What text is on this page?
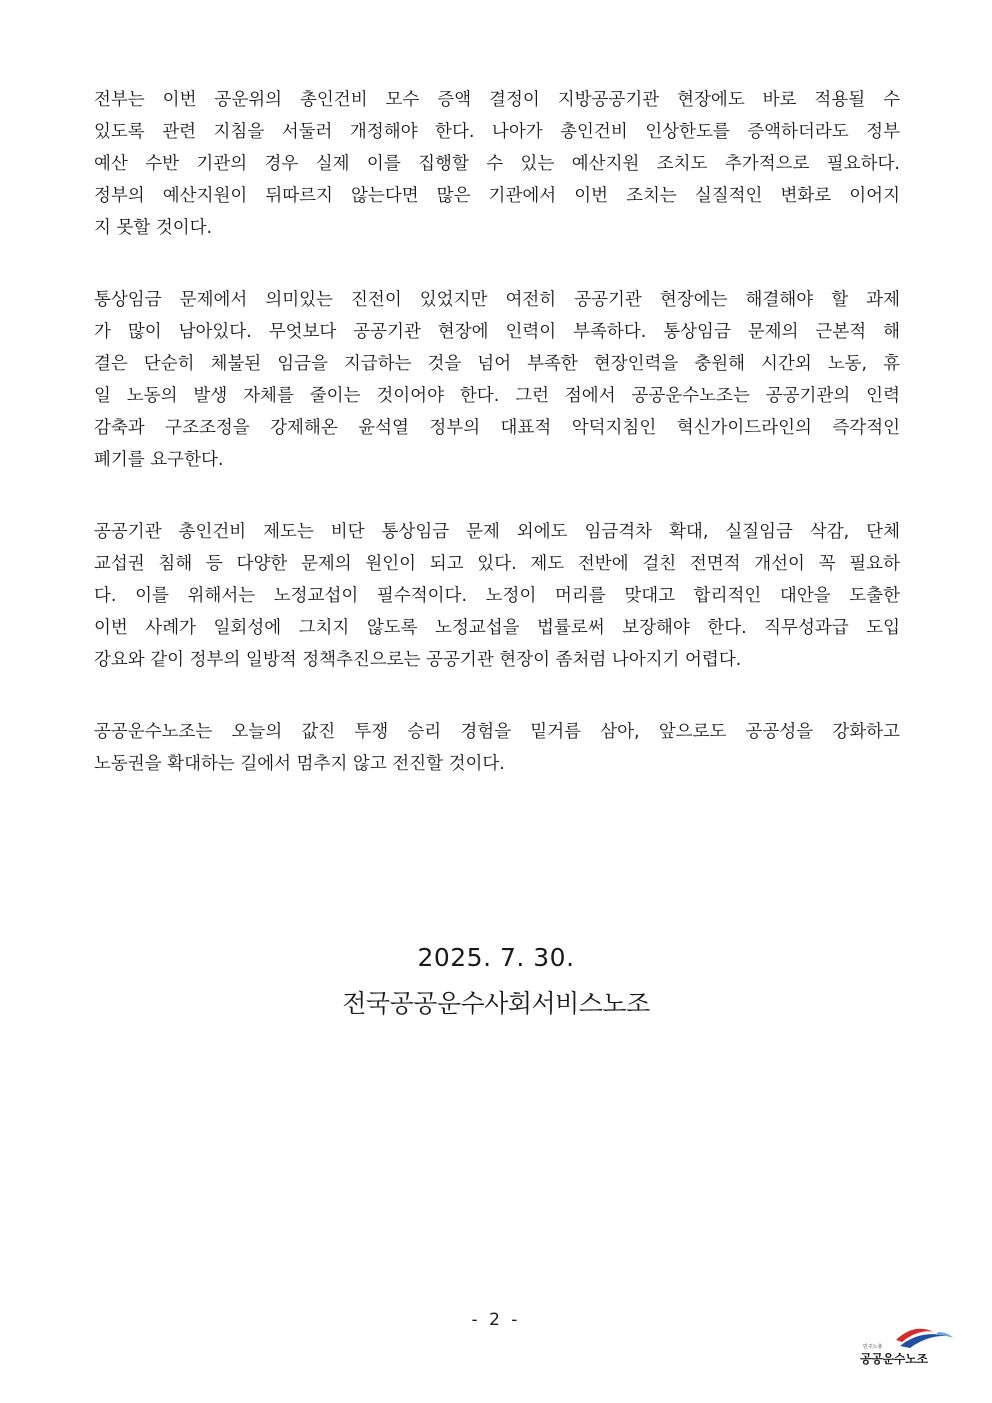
전부는 이번 공운위의 총인건비 모수 증액 결정이 지방공공기관 현장에도 바로 적용될 수
있도록 관련 지침을 서둘러 개정해야 한다. 나아가 총인건비 인상한도를 증액하더라도 정부
예산 수반 기관의 경우 실제 이를 집행할 수 있는 예산지원 조치도 추가적으로 필요하다.
정부의 예산지원이 뒤따르지 않는다면 많은 기관에서 이번 조치는 실질적인 변화로 이어지
지 못할 것이다.
통상임금 문제에서 의미있는 진전이 있었지만 여전히 공공기관 현장에는 해결해야 할 과제
가 많이 남아있다. 무엇보다 공공기관 현장에 인력이 부족하다. 통상임금 문제의 근본적 해
결은 단순히 체불된 임금을 지급하는 것을 넘어 부족한 현장인력을 충원해 시간외 노동, 휴
일 노동의 발생 자체를 줄이는 것이어야 한다. 그런 점에서 공공운수노조는 공공기관의 인력
감축과 구조조정을 강제해온 윤석열 정부의 대표적 악덕지침인 혁신가이드라인의 즉각적인
폐기를 요구한다.
공공기관 총인건비 제도는 비단 통상임금 문제 외에도 임금격차 확대, 실질임금 삭감, 단체
교섭권 침해 등 다양한 문제의 원인이 되고 있다. 제도 전반에 걸친 전면적 개선이 꼭 필요하
다. 이를 위해서는 노정교섭이 필수적이다. 노정이 머리를 맞대고 합리적인 대안을 도출한
이번 사례가 일회성에 그치지 않도록 노정교섭을 법률로써 보장해야 한다. 직무성과급 도입
강요와 같이 정부의 일방적 정책추진으로는 공공기관 현장이 좀처럼 나아지기 어렵다.
공공운수노조는 오늘의 값진 투쟁 승리 경험을 밑거름 삼아, 앞으로도 공공성을 강화하고
노동권을 확대하는 길에서 멈추지 않고 전진할 것이다.
2025. 7. 30.
전국공공운수사회서비스노조
- 2 -
민주노총
공공운수노조
